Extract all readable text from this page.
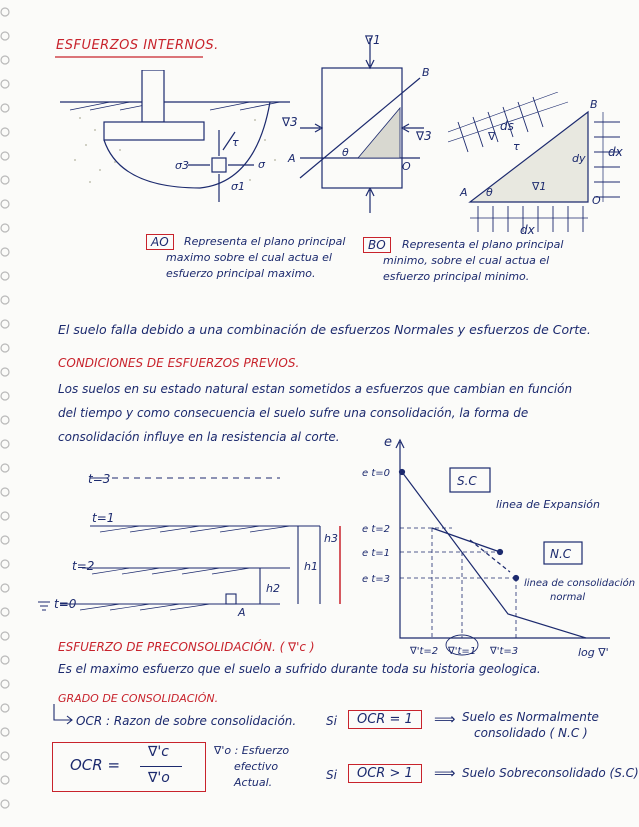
ESFUERZOS INTERNOS.
σ1
σ3
τ
σ
∇1
∇3
∇3
A
B
θ
O
ds
dx
dy
dx
∇1
τ
∇
A
B
O
θ
AO	Representa el plano principal
maximo sobre el cual actua el
esfuerzo principal maximo.
BO	Representa el plano principal
minimo, sobre el cual actua el
esfuerzo principal minimo.
El suelo falla debido a una combinación de esfuerzos Normales y esfuerzos de Corte.
CONDICIONES DE ESFUERZOS PREVIOS.
Los suelos en su estado natural estan sometidos a esfuerzos que cambian en función
del tiempo y como consecuencia el suelo sufre una consolidación, la forma de
consolidación influye en la resistencia al corte.
t=3
t=1
t=2
t=0
h1
h2
h3
A
e
e t=0
e t=2
e t=1
e t=3
S.C
N.C
linea de Expansión
linea de consolidación
normal
∇'t=2 ∇'t=1 ∇'t=3	log ∇'
ESFUERZO DE PRECONSOLIDACIÓN. ( ∇'c )
Es el maximo esfuerzo que el suelo a sufrido durante toda su historia geologica.
GRADO DE CONSOLIDACIÓN.
OCR : Razon de sobre consolidación.
OCR =
∇'c
∇'o
∇'o : Esfuerzo
efectivo
Actual.
Si	OCR = 1	⟹ Suelo es Normalmente
consolidado ( N.C )
Si	OCR > 1	⟹ Suelo Sobreconsolidado (S.C)
